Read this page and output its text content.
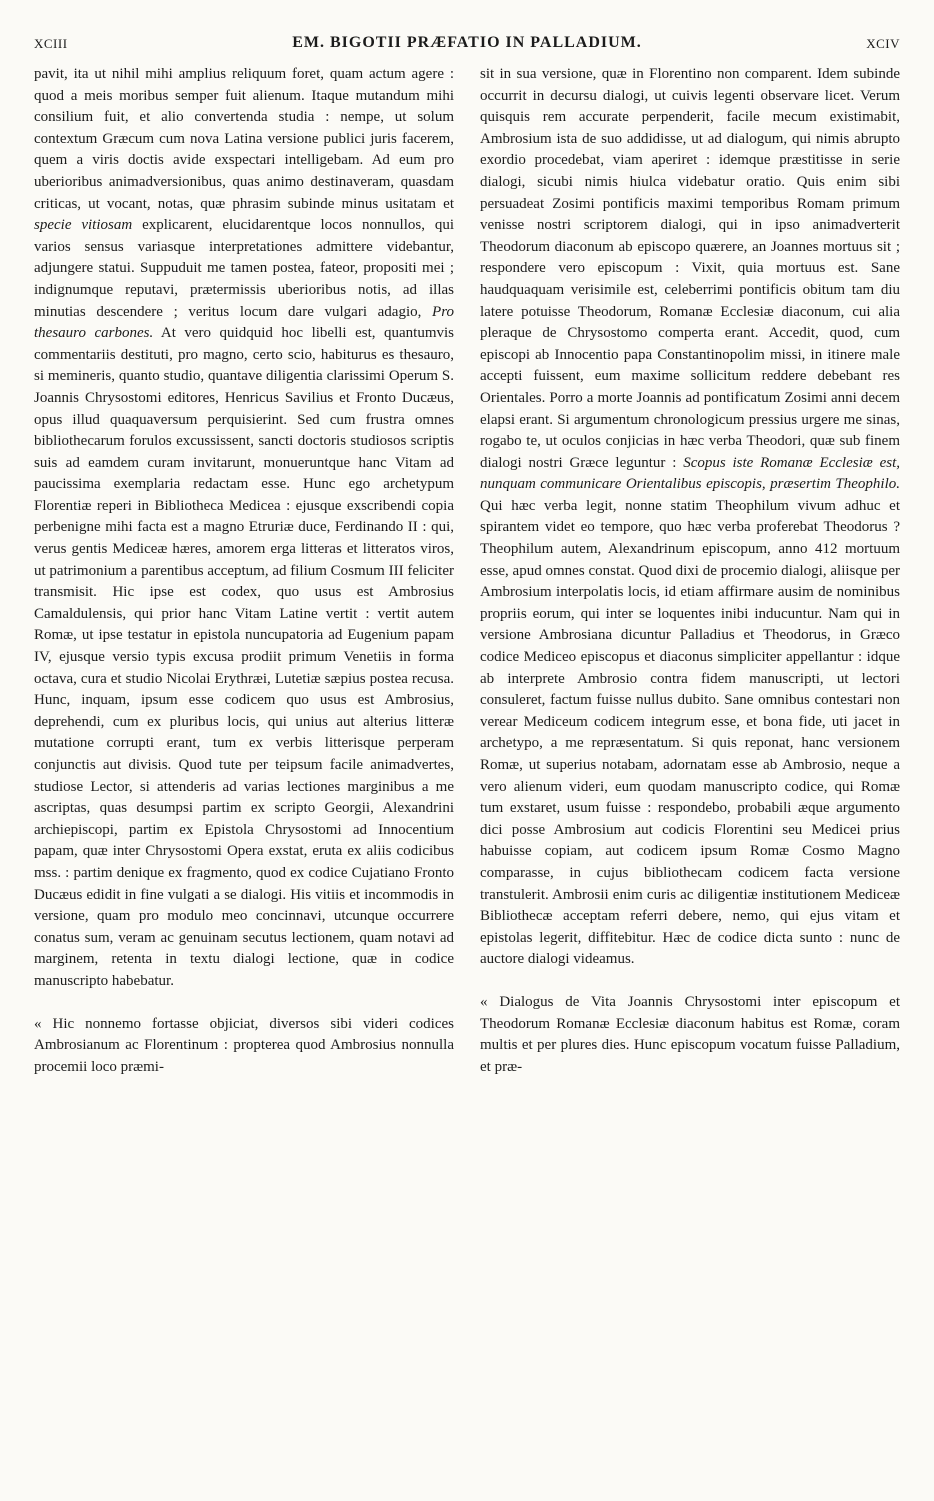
XCIII	EM. BIGOTII PRÆFATIO IN PALLADIUM.	XCIV

pavit, ita ut nihil mihi amplius reliquum foret, quam actum agere : quod a meis moribus semper fuit alienum. Itaque mutandum mihi consilium fuit, et alio convertenda studia : nempe, ut solum contextum Græcum cum nova Latina versione publici juris facerem, quem a viris doctis avide exspectari intelligebam. Ad eum pro uberioribus animadversionibus, quas animo destinaveram, quasdam criticas, ut vocant, notas, quæ phrasim subinde minus usitatam et specie vitiosam explicarent, elucidarentque locos nonnullos, qui varios sensus variasque interpretationes admittere videbantur, adjungere statui. Suppuduit me tamen postea, fateor, propositi mei ; indignumque reputavi, prætermissis uberioribus notis, ad illas minutias descendere ; veritus locum dare vulgari adagio, Pro thesauro carbones. At vero quidquid hoc libelli est, quantumvis commentariis destituti, pro magno, certo scio, habiturus es thesauro, si memineris, quanto studio, quantave diligentia clarissimi Operum S. Joannis Chrysostomi editores, Henricus Savilius et Fronto Ducæus, opus illud quaquaversum perquisierint. Sed cum frustra omnes bibliothecarum forulos excussissent, sancti doctoris studiosos scriptis suis ad eamdem curam invitarunt, monueruntque hanc Vitam ad paucissima exemplaria redactam esse. Hunc ego archetypum Florentiæ reperi in Bibliotheca Medicea : ejusque exscribendi copia perbenigne mihi facta est a magno Etruriæ duce, Ferdinando II : qui, verus gentis Mediceæ hæres, amorem erga litteras et litteratos viros, ut patrimonium a parentibus acceptum, ad filium Cosmum III feliciter transmisit. Hic ipse est codex, quo usus est Ambrosius Camaldulensis, qui prior hanc Vitam Latine vertit : vertit autem Romæ, ut ipse testatur in epistola nuncupatoria ad Eugenium papam IV, ejusque versio typis excusa prodiit primum Venetiis in forma octava, cura et studio Nicolai Erythræi, Lutetiæ sæpius postea recusa. Hunc, inquam, ipsum esse codicem quo usus est Ambrosius, deprehendi, cum ex pluribus locis, qui unius aut alterius litteræ mutatione corrupti erant, tum ex verbis litterisque perperam conjunctis aut divisis. Quod tute per teipsum facile animadvertes, studiose Lector, si attenderis ad varias lectiones marginibus a me ascriptas, quas desumpsi partim ex scripto Georgii, Alexandrini archiepiscopi, partim ex Epistola Chrysostomi ad Innocentium papam, quæ inter Chrysostomi Opera exstat, eruta ex aliis codicibus mss. : partim denique ex fragmento, quod ex codice Cujatiano Fronto Ducæus edidit in fine vulgati a se dialogi. His vitiis et incommodis in versione, quam pro modulo meo concinnavi, utcunque occurrere conatus sum, veram ac genuinam secutus lectionem, quam notavi ad marginem, retenta in textu dialogi lectione, quæ in codice manuscripto habebatur.

« Hic nonnemo fortasse objiciat, diversos sibi videri codices Ambrosianum ac Florentinum : propterea quod Ambrosius nonnulla procemii loco præmi-

sit in sua versione, quæ in Florentino non comparent. Idem subinde occurrit in decursu dialogi, ut cuivis legenti observare licet. Verum quisquis rem accurate perpenderit, facile mecum existimabit, Ambrosium ista de suo addidisse, ut ad dialogum, qui nimis abrupto exordio procedebat, viam aperiret : idemque præstitisse in serie dialogi, sicubi nimis hiulca videbatur oratio. Quis enim sibi persuadeat Zosimi pontificis maximi temporibus Romam primum venisse nostri scriptorem dialogi, qui in ipso animadverterit Theodorum diaconum ab episcopo quærere, an Joannes mortuus sit ; respondere vero episcopum : Vixit, quia mortuus est. Sane haudquaquam verisimile est, celeberrimi pontificis obitum tam diu latere potuisse Theodorum, Romanæ Ecclesiæ diaconum, cui alia pleraque de Chrysostomo comperta erant. Accedit, quod, cum episcopi ab Innocentio papa Constantinopolim missi, in itinere male accepti fuissent, eum maxime sollicitum reddere debebant res Orientales. Porro a morte Joannis ad pontificatum Zosimi anni decem elapsi erant. Si argumentum chronologicum pressius urgere me sinas, rogabo te, ut oculos conjicias in hæc verba Theodori, quæ sub finem dialogi nostri Græce leguntur : Scopus iste Romanæ Ecclesiæ est, nunquam communicare Orientalibus episcopis, præsertim Theophilo. Qui hæc verba legit, nonne statim Theophilum vivum adhuc et spirantem videt eo tempore, quo hæc verba proferebat Theodorus ? Theophilum autem, Alexandrinum episcopum, anno 412 mortuum esse, apud omnes constat. Quod dixi de procemio dialogi, aliisque per Ambrosium interpolatis locis, id etiam affirmare ausim de nominibus propriis eorum, qui inter se loquentes inibi inducuntur. Nam qui in versione Ambrosiana dicuntur Palladius et Theodorus, in Græco codice Mediceo episcopus et diaconus simpliciter appellantur : idque ab interprete Ambrosio contra fidem manuscripti, ut lectori consuleret, factum fuisse nullus dubito. Sane omnibus contestari non verear Mediceum codicem integrum esse, et bona fide, uti jacet in archetypo, a me repræsentatum. Si quis reponat, hanc versionem Romæ, ut superius notabam, adornatam esse ab Ambrosio, neque a vero alienum videri, eum quodam manuscripto codice, qui Romæ tum exstaret, usum fuisse : respondebo, probabili æque argumento dici posse Ambrosium aut codicis Florentini seu Medicei prius habuisse copiam, aut codicem ipsum Romæ Cosmo Magno comparasse, in cujus bibliothecam codicem facta versione transtulerit. Ambrosii enim curis ac diligentiæ institutionem Mediceæ Bibliothecæ acceptam referri debere, nemo, qui ejus vitam et epistolas legerit, diffitebitur. Hæc de codice dicta sunto : nunc de auctore dialogi videamus.

« Dialogus de Vita Joannis Chrysostomi inter episcopum et Theodorum Romanæ Ecclesiæ diaconum habitus est Romæ, coram multis et per plures dies. Hunc episcopum vocatum fuisse Palladium, et præ-
